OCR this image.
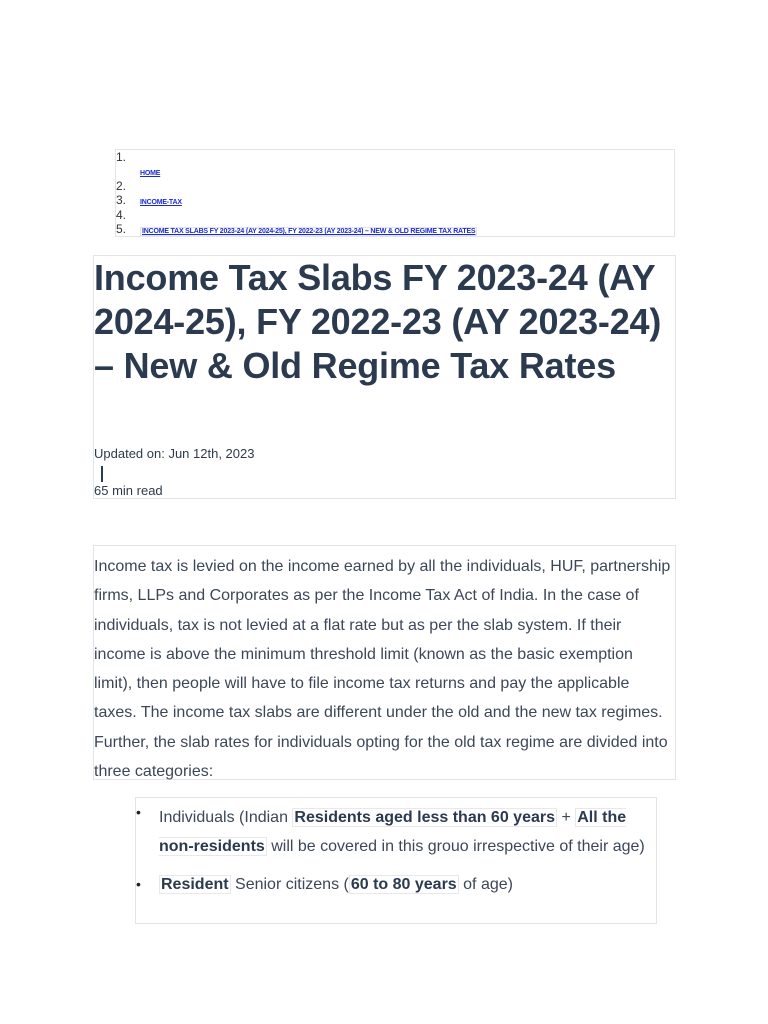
1.
2.
HOME
3.	INCOME-TAX
4.
5.	INCOME TAX SLABS FY 2023-24 (AY 2024-25), FY 2022-23 (AY 2023-24) – NEW & OLD REGIME TAX RATES
Income Tax Slabs FY 2023-24 (AY 2024-25), FY 2022-23 (AY 2023-24) – New & Old Regime Tax Rates
Updated on: Jun 12th, 2023
65 min read

Income tax is levied on the income earned by all the individuals, HUF, partnership firms, LLPs and Corporates as per the Income Tax Act of India. In the case of individuals, tax is not levied at a flat rate but as per the slab system. If their income is above the minimum threshold limit (known as the basic exemption limit), then people will have to file income tax returns and pay the applicable taxes. The income tax slabs are different under the old and the new tax regimes. Further, the slab rates for individuals opting for the old tax regime are divided into three categories:

• Individuals (Indian Residents aged less than 60 years + All the non-residents will be covered in this grouo irrespective of their age)
• Resident Senior citizens ( 60 to 80 years of age)
